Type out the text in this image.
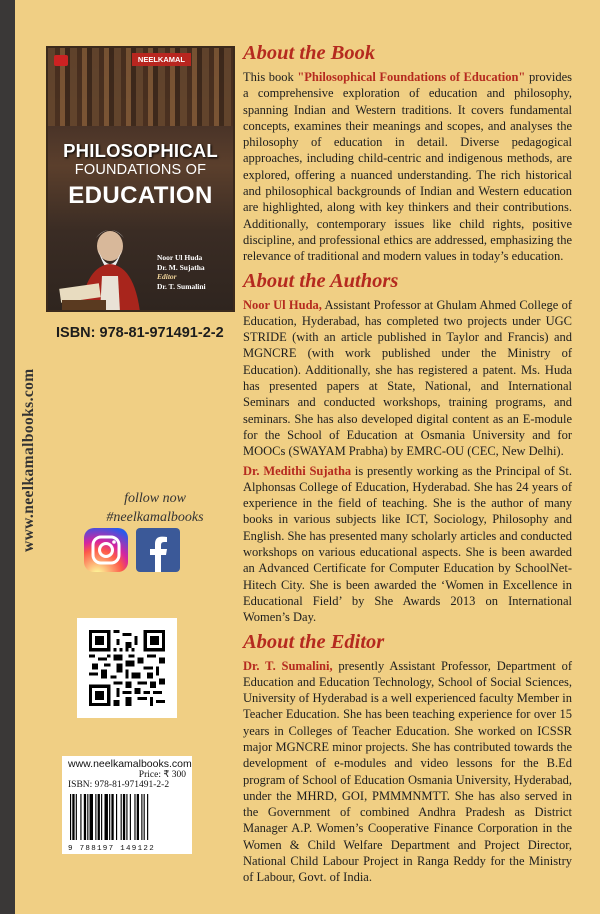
www.neelkamalbooks.com
NEELKAMAL
PHILOSOPHICAL
FOUNDATIONS OF
EDUCATION
Noor Ul Huda
Dr. M. Sujatha
Editor
Dr. T. Sumalini
ISBN: 978-81-971491-2-2
follow now
#neelkamalbooks
www.neelkamalbooks.com
Price: ₹ 300
ISBN: 978-81-971491-2-2
9 788197 149122
About the Book

This book "Philosophical Foundations of Education" provides a comprehensive exploration of education and philosophy, spanning Indian and Western traditions. It covers fundamental concepts, examines their meanings and scopes, and analyses the philosophy of education in detail. Diverse pedagogical approaches, including child-centric and indigenous methods, are explored, offering a nuanced understanding. The rich historical and philosophical backgrounds of Indian and Western education are highlighted, along with key thinkers and their contributions. Additionally, contemporary issues like child rights, positive discipline, and professional ethics are addressed, emphasizing the relevance of traditional and modern values in today’s education.

About the Authors

Noor Ul Huda, Assistant Professor at Ghulam Ahmed College of Education, Hyderabad, has completed two projects under UGC STRIDE (with an article published in Taylor and Francis) and MGNCRE (with work published under the Ministry of Education). Additionally, she has registered a patent. Ms. Huda has presented papers at State, National, and International Seminars and conducted workshops, training programs, and seminars. She has also developed digital content as an E-module for the School of Education at Osmania University and for MOOCs (SWAYAM Prabha) by EMRC-OU (CEC, New Delhi).

Dr. Medithi Sujatha is presently working as the Principal of St. Alphonsas College of Education, Hyderabad. She has 24 years of experience in the field of teaching. She is the author of many books in various subjects like ICT, Sociology, Philosophy and English. She has presented many scholarly articles and conducted workshops on various educational aspects. She is been awarded an Advanced Certificate for Computer Education by SchoolNet-Hitech City. She is been awarded the ‘Women in Excellence in Educational Field’ by She Awards 2013 on International Women’s Day.

About the Editor

Dr. T. Sumalini, presently Assistant Professor, Department of Education and Education Technology, School of Social Sciences, University of Hyderabad is a well experienced faculty Member in Teacher Education. She has been teaching experience for over 15 years in Colleges of Teacher Education. She worked on ICSSR major MGNCRE minor projects. She has contributed towards the development of e-modules and video lessons for the B.Ed program of School of Education Osmania University, Hyderabad, under the MHRD, GOI, PMMMNMTT. She has also served in the Government of combined Andhra Pradesh as District Manager A.P. Women’s Cooperative Finance Corporation in the Women & Child Welfare Department and Project Director, National Child Labour Project in Ranga Reddy for the Ministry of Labour, Govt. of India.
